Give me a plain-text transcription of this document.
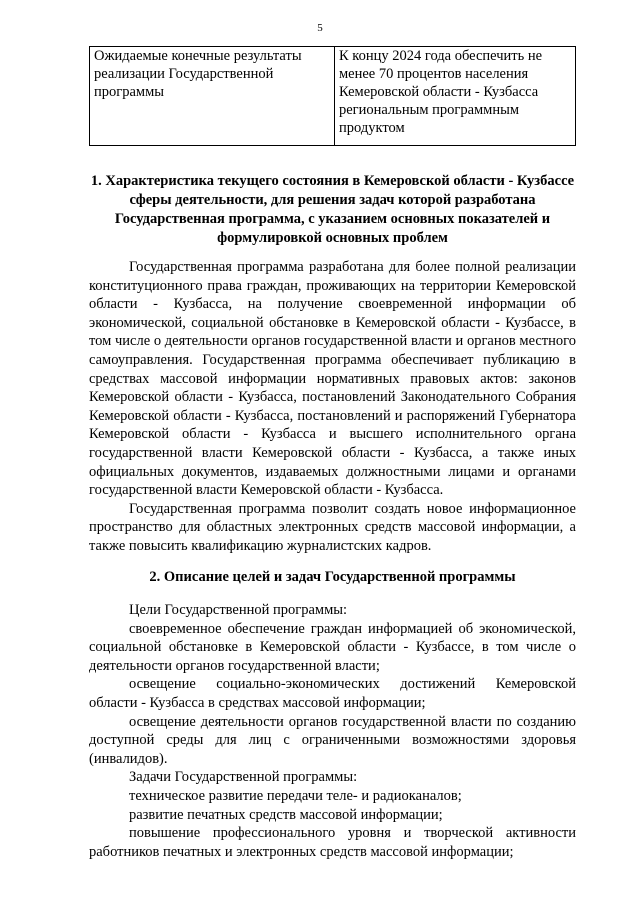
5
Ожидаемые конечные результаты реализации Государственной программы	К концу 2024 года обеспечить не менее 70 процентов населения Кемеровской области - Кузбасса региональным программным продуктом
1. Характеристика текущего состояния в Кемеровской области - Кузбассе сферы деятельности, для решения задач которой разработана Государственная программа, с указанием основных показателей и формулировкой основных проблем

Государственная программа разработана для более полной реализации конституционного права граждан, проживающих на территории Кемеровской области - Кузбасса, на получение своевременной информации об экономической, социальной обстановке в Кемеровской области - Кузбассе, в том числе о деятельности органов государственной власти и органов местного самоуправления. Государственная программа обеспечивает публикацию в средствах массовой информации нормативных правовых актов: законов Кемеровской области - Кузбасса, постановлений Законодательного Собрания Кемеровской области - Кузбасса, постановлений и распоряжений Губернатора Кемеровской области - Кузбасса и высшего исполнительного органа государственной власти Кемеровской области - Кузбасса, а также иных официальных документов, издаваемых должностными лицами и органами государственной власти Кемеровской области - Кузбасса.

Государственная программа позволит создать новое информационное пространство для областных электронных средств массовой информации, а также повысить квалификацию журналистских кадров.

2. Описание целей и задач Государственной программы

Цели Государственной программы:

своевременное обеспечение граждан информацией об экономической, социальной обстановке в Кемеровской области - Кузбассе, в том числе о деятельности органов государственной власти;

освещение социально-экономических достижений Кемеровской области - Кузбасса в средствах массовой информации;

освещение деятельности органов государственной власти по созданию доступной среды для лиц с ограниченными возможностями здоровья (инвалидов).

Задачи Государственной программы:

техническое развитие передачи теле- и радиоканалов;

развитие печатных средств массовой информации;

повышение профессионального уровня и творческой активности работников печатных и электронных средств массовой информации;
